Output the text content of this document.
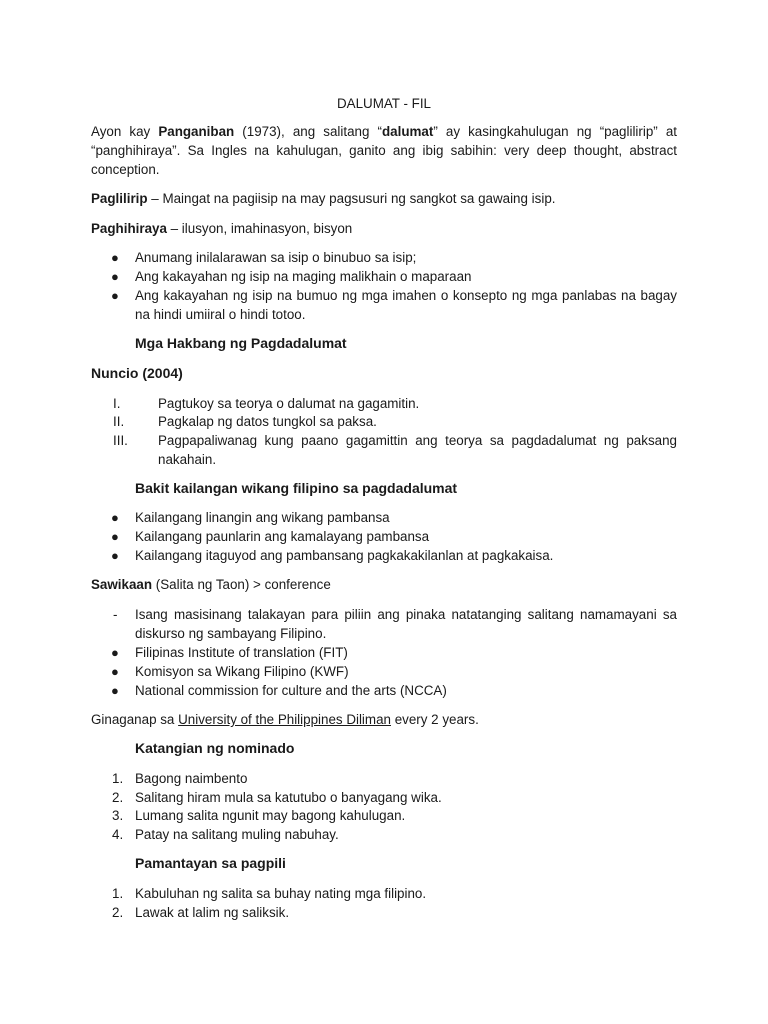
DALUMAT - FIL

Ayon kay Panganiban (1973), ang salitang “dalumat” ay kasingkahulugan ng “paglilirip” at “panghihiraya”. Sa Ingles na kahulugan, ganito ang ibig sabihin: very deep thought, abstract conception.

Paglilirip – Maingat na pagiisip na may pagsusuri ng sangkot sa gawaing isip.

Paghihiraya – ilusyon, imahinasyon, bisyon

● Anumang inilalarawan sa isip o binubuo sa isip;
● Ang kakayahan ng isip na maging malikhain o maparaan
● Ang kakayahan ng isip na bumuo ng mga imahen o konsepto ng mga panlabas na bagay na hindi umiiral o hindi totoo.
Mga Hakbang ng Pagdadalumat
Nuncio (2004)
I.	Pagtukoy sa teorya o dalumat na gagamitin.
II.	Pagkalap ng datos tungkol sa paksa.
III.	Pagpapaliwanag kung paano gagamittin ang teorya sa pagdadalumat ng paksang nakahain.
Bakit kailangan wikang filipino sa pagdadalumat
● Kailangang linangin ang wikang pambansa
● Kailangang paunlarin ang kamalayang pambansa
● Kailangang itaguyod ang pambansang pagkakakilanlan at pagkakaisa.

Sawikaan (Salita ng Taon) > conference

-	Isang masisinang talakayan para piliin ang pinaka natatanging salitang namamayani sa diskurso ng sambayang Filipino.
● Filipinas Institute of translation (FIT)
● Komisyon sa Wikang Filipino (KWF)
● National commission for culture and the arts (NCCA)

Ginaganap sa University of the Philippines Diliman every 2 years.

Katangian ng nominado
1. Bagong naimbento
2. Salitang hiram mula sa katutubo o banyagang wika.
3. Lumang salita ngunit may bagong kahulugan.
4. Patay na salitang muling nabuhay.
Pamantayan sa pagpili
1. Kabuluhan ng salita sa buhay nating mga filipino.
2. Lawak at lalim ng saliksik.
